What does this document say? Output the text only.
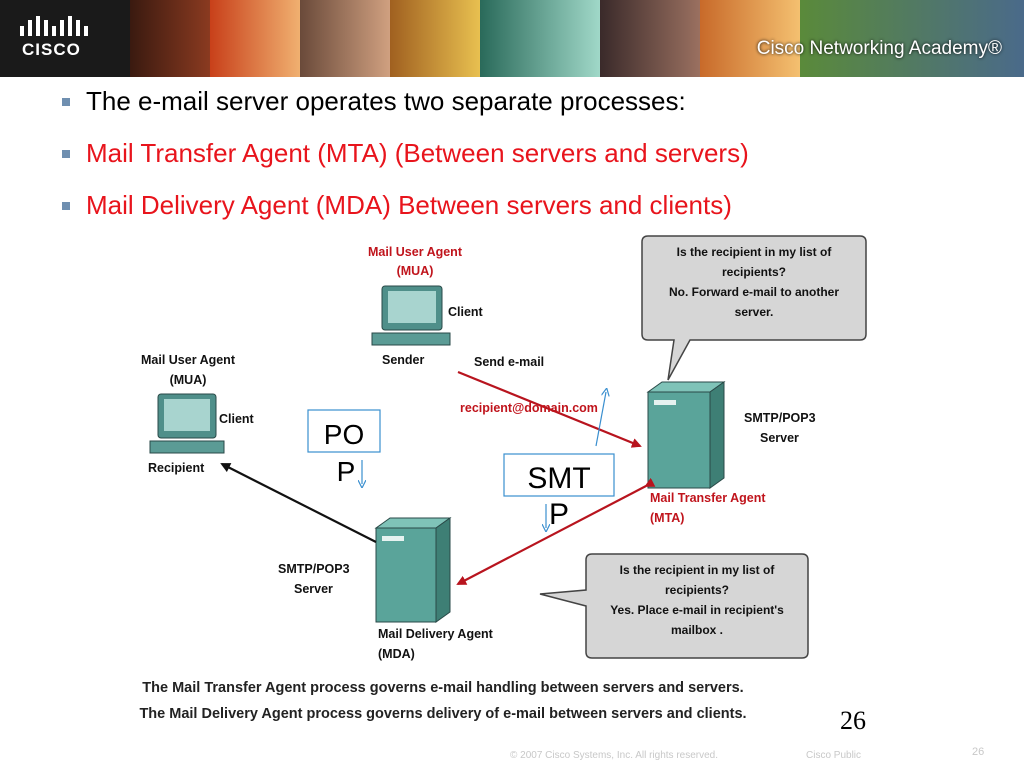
CISCO	Cisco Networking Academy®
The e-mail server operates two separate processes:
Mail Transfer Agent (MTA) (Between servers and servers)
Mail Delivery Agent (MDA) Between servers and clients)
Mail User Agent
(MUA)
Client
Sender
Mail User Agent
(MUA)
Client
Recipient
Is the recipient in my list of
recipients?
No. Forward e-mail to another
server.
SMTP/POP3
Server
Mail Transfer Agent
(MTA)
SMTP/POP3
Server
Mail Delivery Agent
(MDA)
Is the recipient in my list of
recipients?
Yes. Place e-mail in recipient's
mailbox .
Send e-mail
recipient@domain.com
PO
P	SMT
P
The Mail Transfer Agent process governs e-mail handling between servers and servers.
The Mail Delivery Agent process governs delivery of e-mail between servers and clients.	26
© 2007 Cisco Systems, Inc. All rights reserved.	Cisco Public	26
